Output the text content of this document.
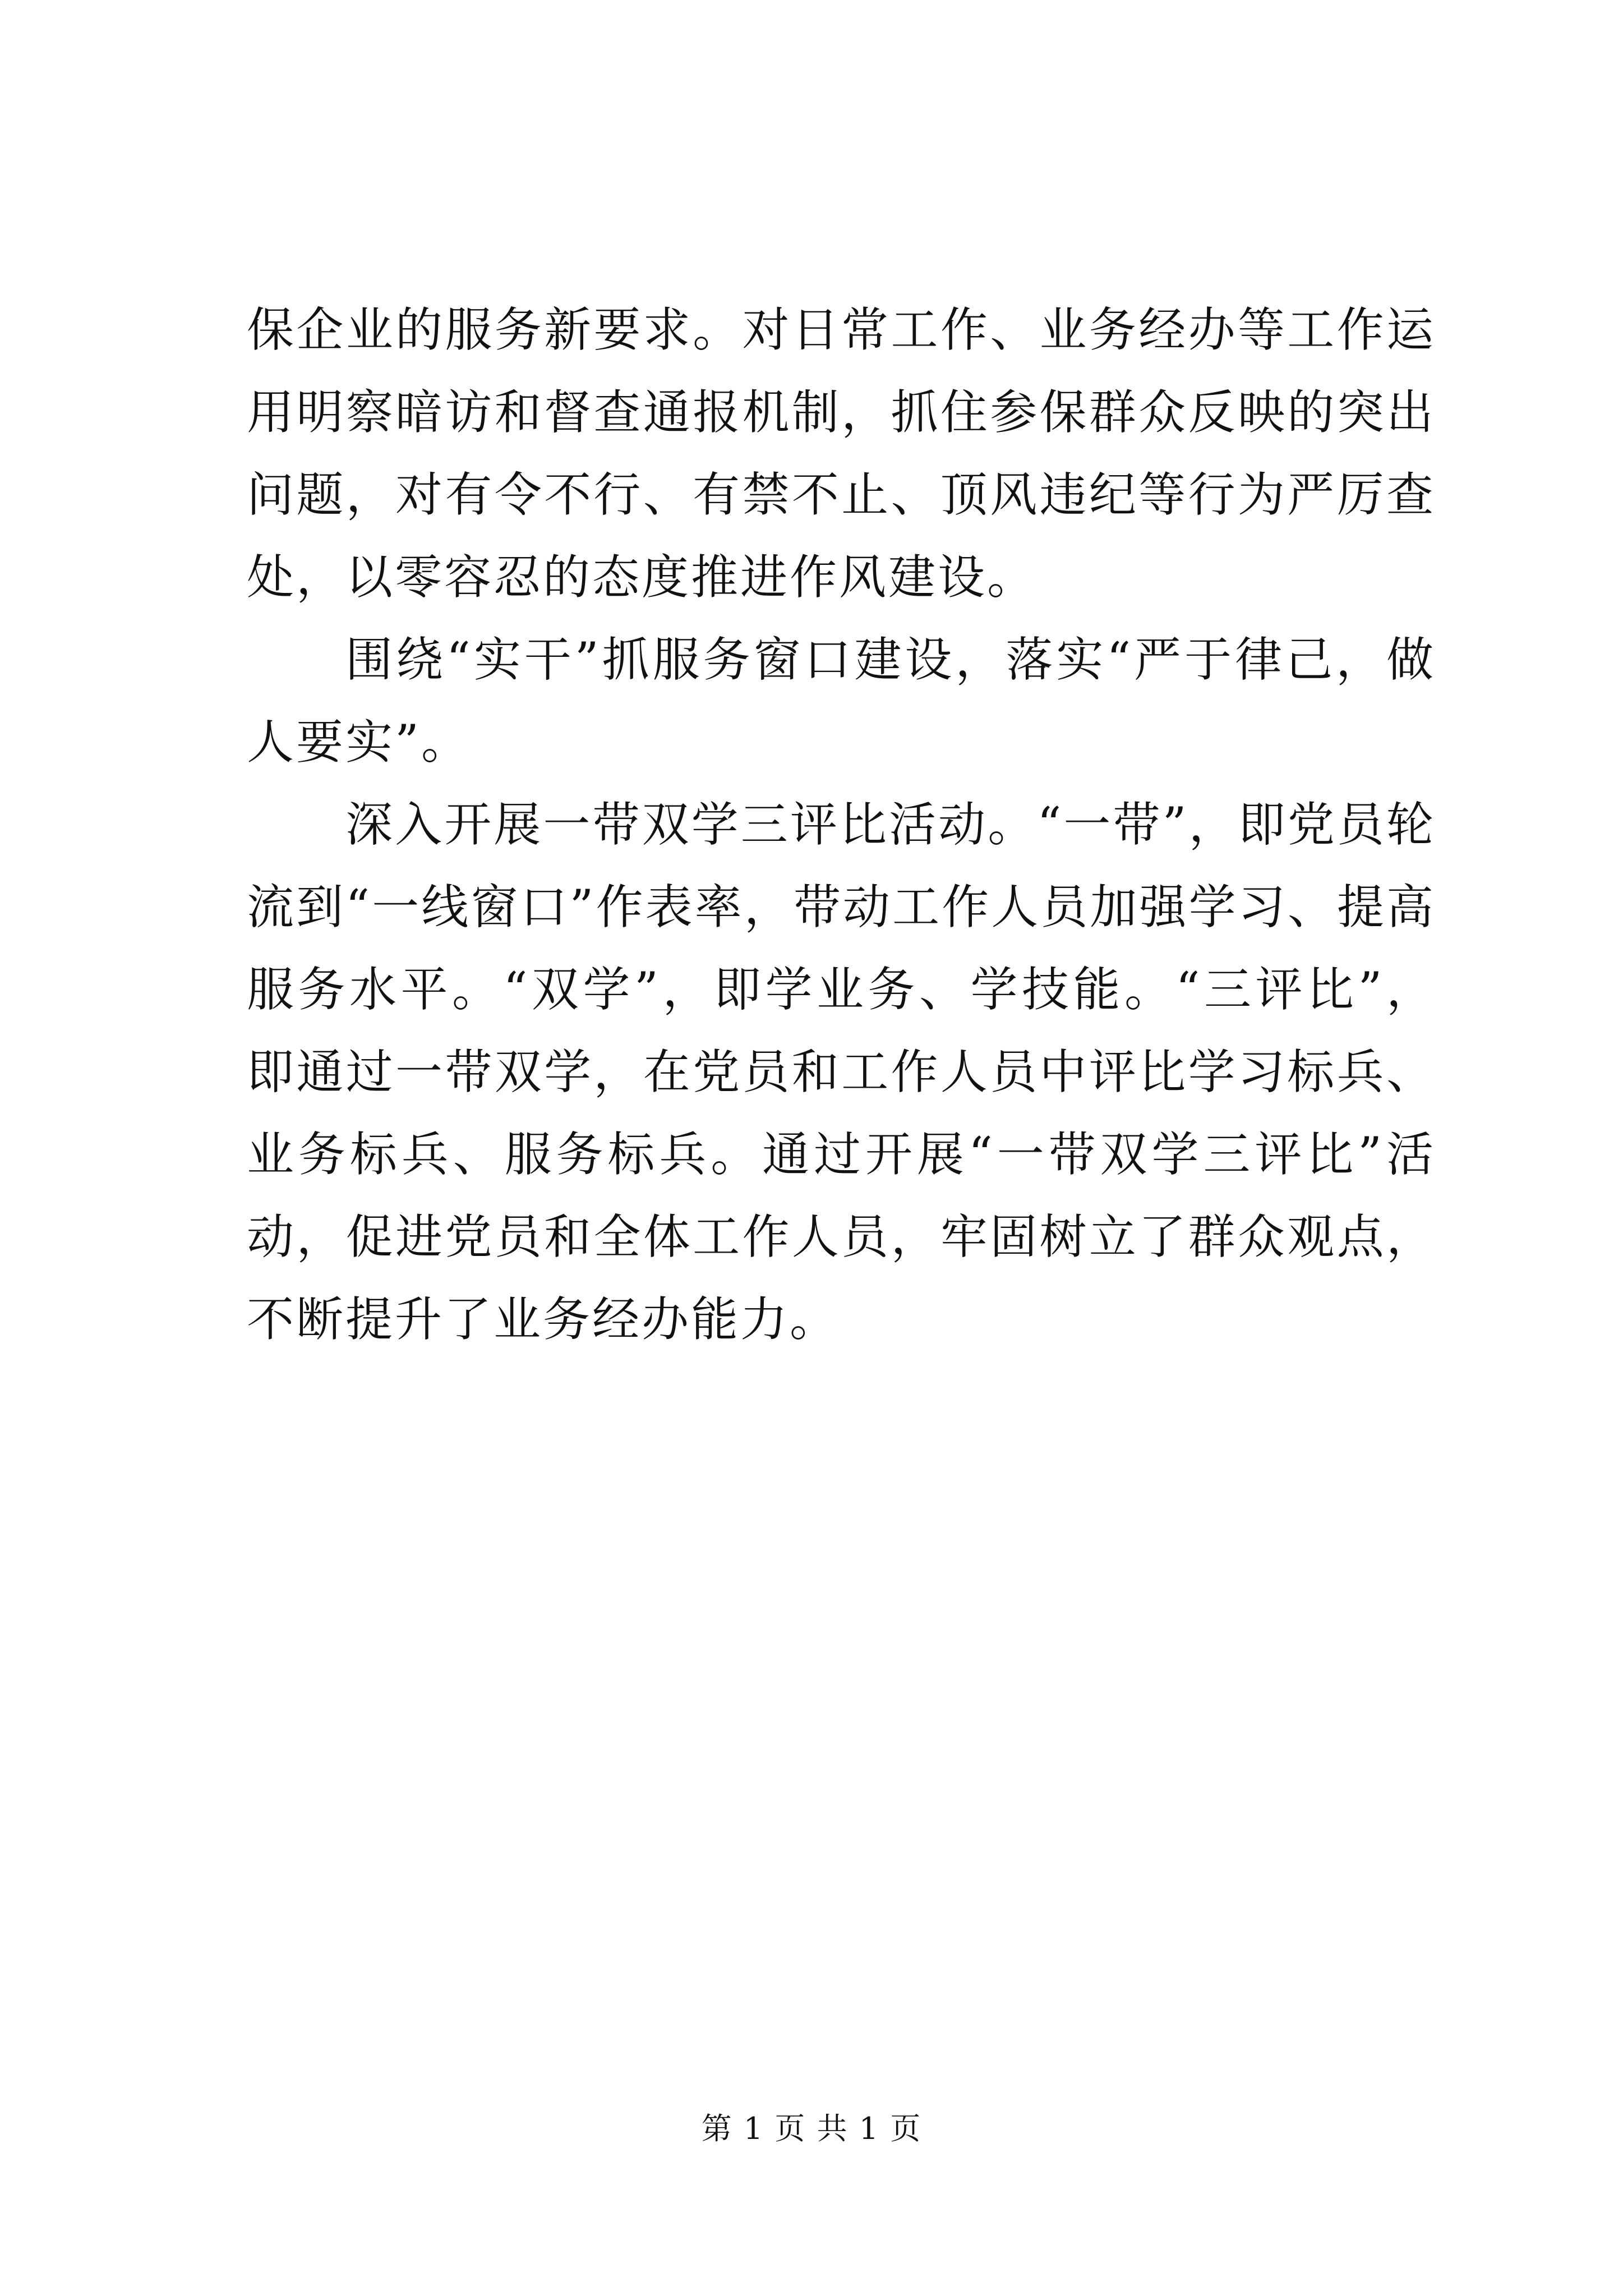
保企业的服务新要求。对日常工作、业务经办等工作运用明察暗访和督查通报机制，抓住参保群众反映的突出问题，对有令不行、有禁不止、顶风违纪等行为严厉查处，以零容忍的态度推进作风建设。

围绕“实干”抓服务窗口建设，落实“严于律己，做人要实”。

深入开展一带双学三评比活动。“一带”，即党员轮流到“一线窗口”作表率，带动工作人员加强学习、提高服务水平。“双学”，即学业务、学技能。“三评比”，即通过一带双学，在党员和工作人员中评比学习标兵、业务标兵、服务标兵。通过开展“一带双学三评比”活动，促进党员和全体工作人员，牢固树立了群众观点，不断提升了业务经办能力。

第 1 页 共 1 页
